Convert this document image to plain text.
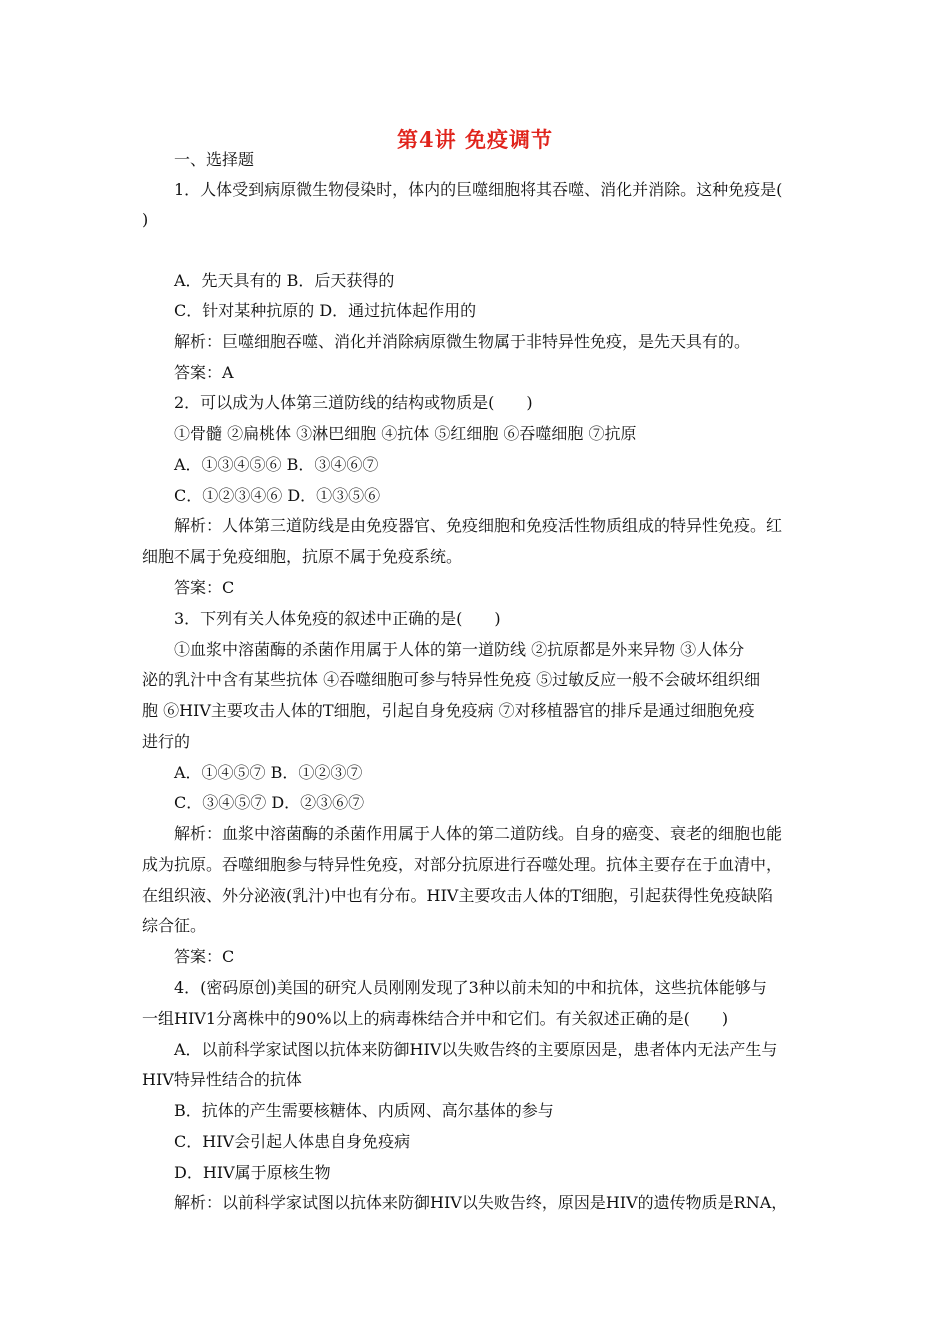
第4讲 免疫调节
一、选择题
1．人体受到病原微生物侵染时，体内的巨噬细胞将其吞噬、消化并消除。这种免疫是(
)
A．先天具有的 B．后天获得的
C．针对某种抗原的 D．通过抗体起作用的
解析：巨噬细胞吞噬、消化并消除病原微生物属于非特异性免疫，是先天具有的。
答案：A
2．可以成为人体第三道防线的结构或物质是(　　)
①骨髓 ②扁桃体 ③淋巴细胞 ④抗体 ⑤红细胞 ⑥吞噬细胞 ⑦抗原
A．①③④⑤⑥ B．③④⑥⑦
C．①②③④⑥ D．①③⑤⑥
解析：人体第三道防线是由免疫器官、免疫细胞和免疫活性物质组成的特异性免疫。红
细胞不属于免疫细胞，抗原不属于免疫系统。
答案：C
3．下列有关人体免疫的叙述中正确的是(　　)
①血浆中溶菌酶的杀菌作用属于人体的第一道防线 ②抗原都是外来异物 ③人体分
泌的乳汁中含有某些抗体 ④吞噬细胞可参与特异性免疫 ⑤过敏反应一般不会破坏组织细
胞 ⑥HIV主要攻击人体的T细胞，引起自身免疫病 ⑦对移植器官的排斥是通过细胞免疫
进行的
A．①④⑤⑦ B．①②③⑦
C．③④⑤⑦ D．②③⑥⑦
解析：血浆中溶菌酶的杀菌作用属于人体的第二道防线。自身的癌变、衰老的细胞也能
成为抗原。吞噬细胞参与特异性免疫，对部分抗原进行吞噬处理。抗体主要存在于血清中，
在组织液、外分泌液(乳汁)中也有分布。HIV主要攻击人体的T细胞，引起获得性免疫缺陷
综合征。
答案：C
4．(密码原创)美国的研究人员刚刚发现了3种以前未知的中和抗体，这些抗体能够与
一组HIV1分离株中的90%以上的病毒株结合并中和它们。有关叙述正确的是(　　)
A．以前科学家试图以抗体来防御HIV以失败告终的主要原因是，患者体内无法产生与
HIV特异性结合的抗体
B．抗体的产生需要核糖体、内质网、高尔基体的参与
C．HIV会引起人体患自身免疫病
D．HIV属于原核生物
解析：以前科学家试图以抗体来防御HIV以失败告终，原因是HIV的遗传物质是RNA，
